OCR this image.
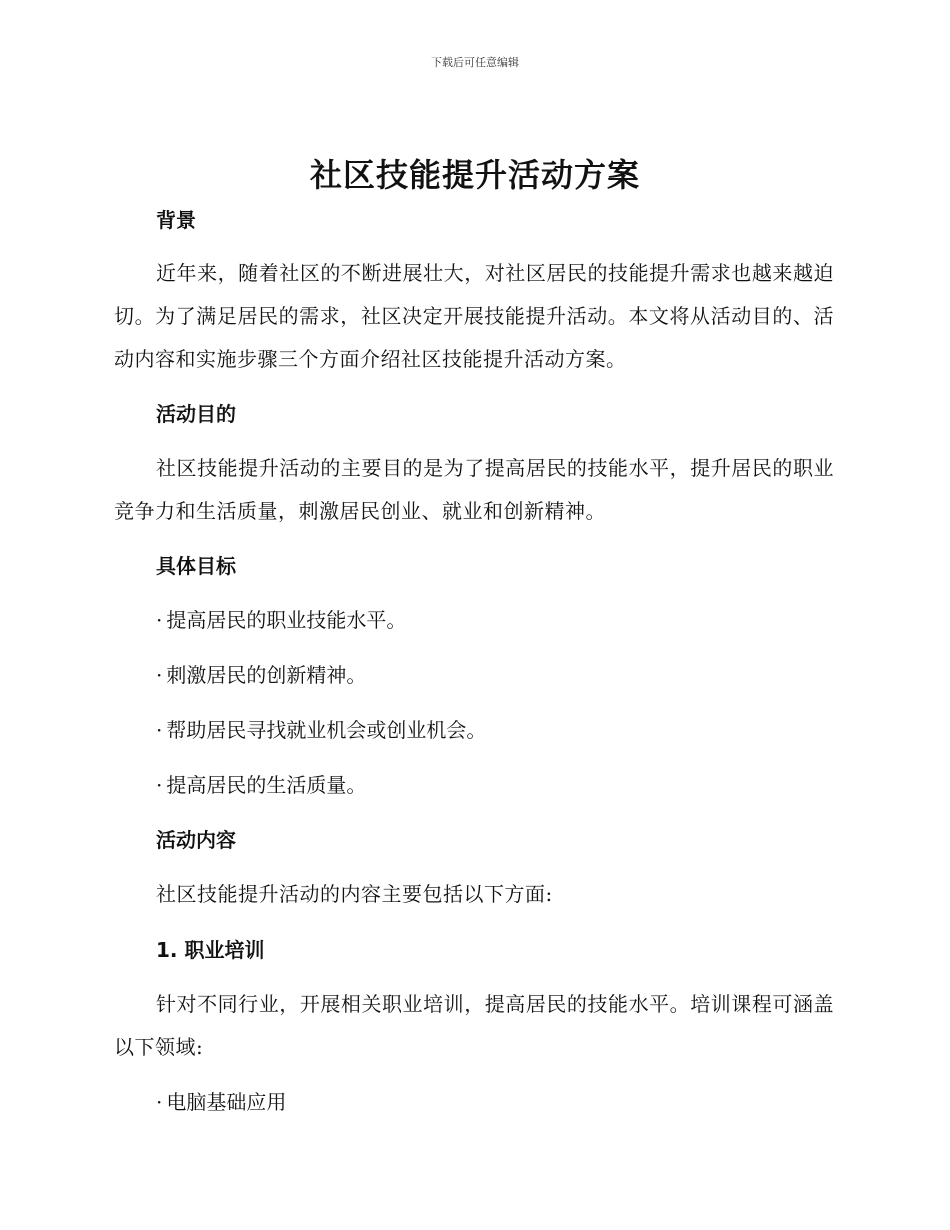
下载后可任意编辑
社区技能提升活动方案
背景
近年来，随着社区的不断进展壮大，对社区居民的技能提升需求也越来越迫切。为了满足居民的需求，社区决定开展技能提升活动。本文将从活动目的、活动内容和实施步骤三个方面介绍社区技能提升活动方案。
活动目的
社区技能提升活动的主要目的是为了提高居民的技能水平，提升居民的职业竞争力和生活质量，刺激居民创业、就业和创新精神。
具体目标
· 提高居民的职业技能水平。
· 刺激居民的创新精神。
· 帮助居民寻找就业机会或创业机会。
· 提高居民的生活质量。
活动内容
社区技能提升活动的内容主要包括以下方面:
1. 职业培训
针对不同行业，开展相关职业培训，提高居民的技能水平。培训课程可涵盖以下领域:
· 电脑基础应用
